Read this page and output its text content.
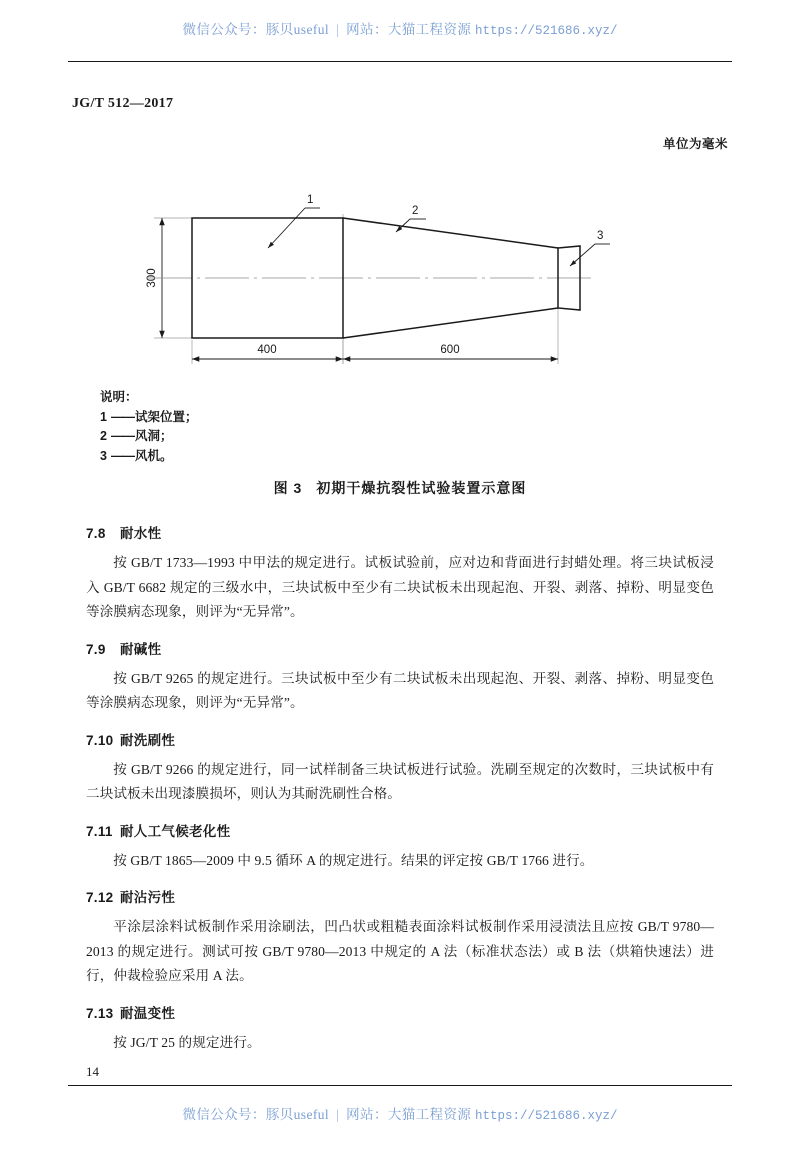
微信公众号：豚贝useful | 网站：大猫工程资源 https://521686.xyz/
JG/T 512—2017
单位为毫米
300
400	600
1
2
3
说明：
1 ——试架位置；
2 ——风洞；
3 ——风机。
图 3 初期干燥抗裂性试验装置示意图
7.8 耐水性

按 GB/T 1733—1993 中甲法的规定进行。试板试验前，应对边和背面进行封蜡处理。将三块试板浸入 GB/T 6682 规定的三级水中，三块试板中至少有二块试板未出现起泡、开裂、剥落、掉粉、明显变色等涂膜病态现象，则评为“无异常”。

7.9 耐碱性

按 GB/T 9265 的规定进行。三块试板中至少有二块试板未出现起泡、开裂、剥落、掉粉、明显变色等涂膜病态现象，则评为“无异常”。

7.10 耐洗刷性

按 GB/T 9266 的规定进行，同一试样制备三块试板进行试验。洗刷至规定的次数时，三块试板中有二块试板未出现漆膜损坏，则认为其耐洗刷性合格。

7.11 耐人工气候老化性

按 GB/T 1865—2009 中 9.5 循环 A 的规定进行。结果的评定按 GB/T 1766 进行。

7.12 耐沾污性

平涂层涂料试板制作采用涂刷法，凹凸状或粗糙表面涂料试板制作采用浸渍法且应按 GB/T 9780—2013 的规定进行。测试可按 GB/T 9780—2013 中规定的 A 法（标准状态法）或 B 法（烘箱快速法）进行，仲裁检验应采用 A 法。

7.13 耐温变性

按 JG/T 25 的规定进行。

14
微信公众号：豚贝useful | 网站：大猫工程资源 https://521686.xyz/
